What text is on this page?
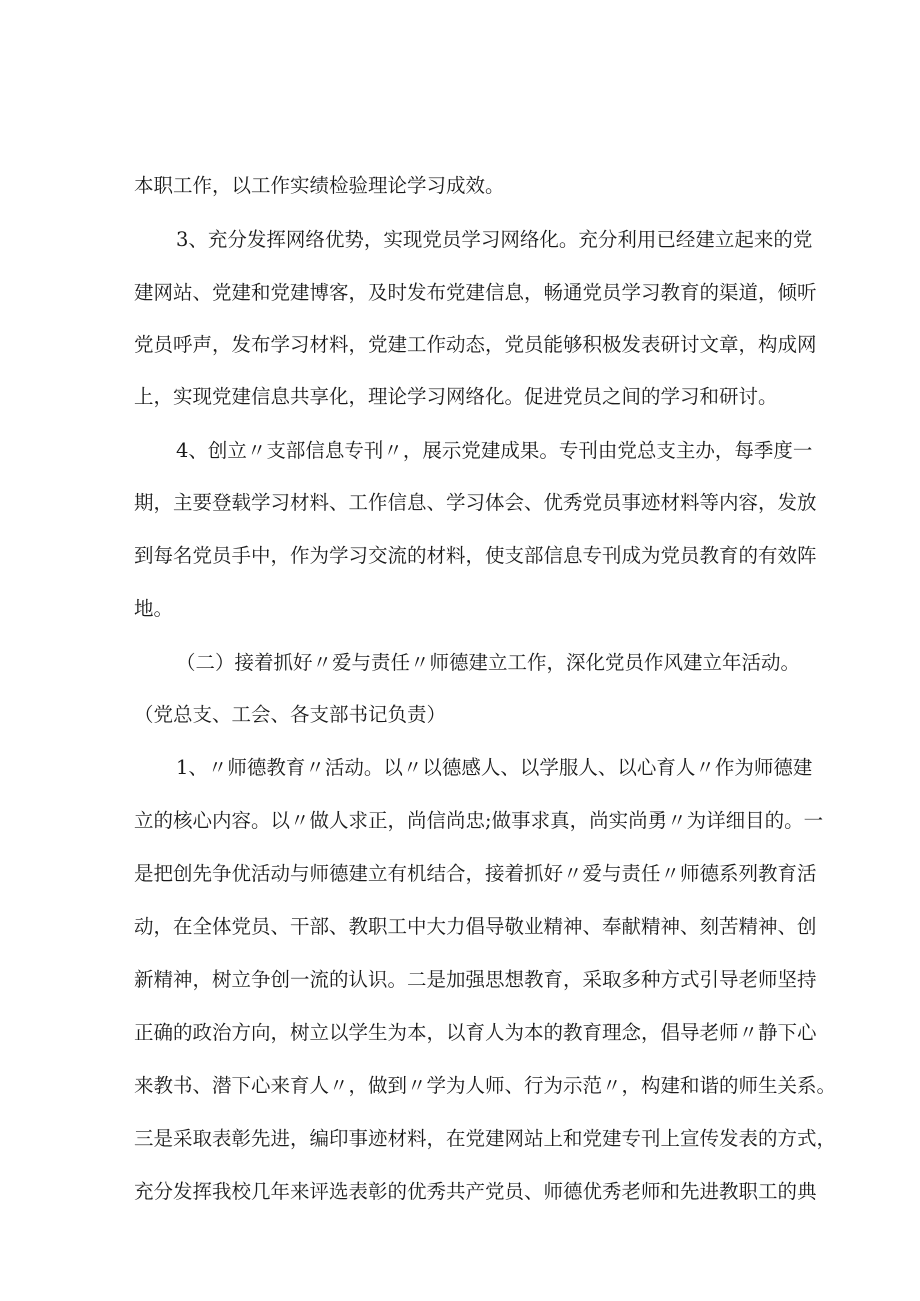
本职工作，以工作实绩检验理论学习成效。
3、充分发挥网络优势，实现党员学习网络化。充分利用已经建立起来的党
建网站、党建和党建博客，及时发布党建信息，畅通党员学习教育的渠道，倾听
党员呼声，发布学习材料，党建工作动态，党员能够积极发表研讨文章，构成网
上，实现党建信息共享化，理论学习网络化。促进党员之间的学习和研讨。
4、创立〃支部信息专刊〃，展示党建成果。专刊由党总支主办，每季度一
期，主要登载学习材料、工作信息、学习体会、优秀党员事迹材料等内容，发放
到每名党员手中，作为学习交流的材料，使支部信息专刊成为党员教育的有效阵
地。
（二）接着抓好〃爱与责任〃师德建立工作，深化党员作风建立年活动。
（党总支、工会、各支部书记负责）
1、〃师德教育〃活动。以〃以德感人、以学服人、以心育人〃作为师德建
立的核心内容。以〃做人求正，尚信尚忠;做事求真，尚实尚勇〃为详细目的。一
是把创先争优活动与师德建立有机结合，接着抓好〃爱与责任〃师德系列教育活
动，在全体党员、干部、教职工中大力倡导敬业精神、奉献精神、刻苦精神、创
新精神，树立争创一流的认识。二是加强思想教育，采取多种方式引导老师坚持
正确的政治方向，树立以学生为本，以育人为本的教育理念，倡导老师〃静下心
来教书、潜下心来育人〃，做到〃学为人师、行为示范〃，构建和谐的师生关系。
三是采取表彰先进，编印事迹材料，在党建网站上和党建专刊上宣传发表的方式，
充分发挥我校几年来评选表彰的优秀共产党员、师德优秀老师和先进教职工的典
